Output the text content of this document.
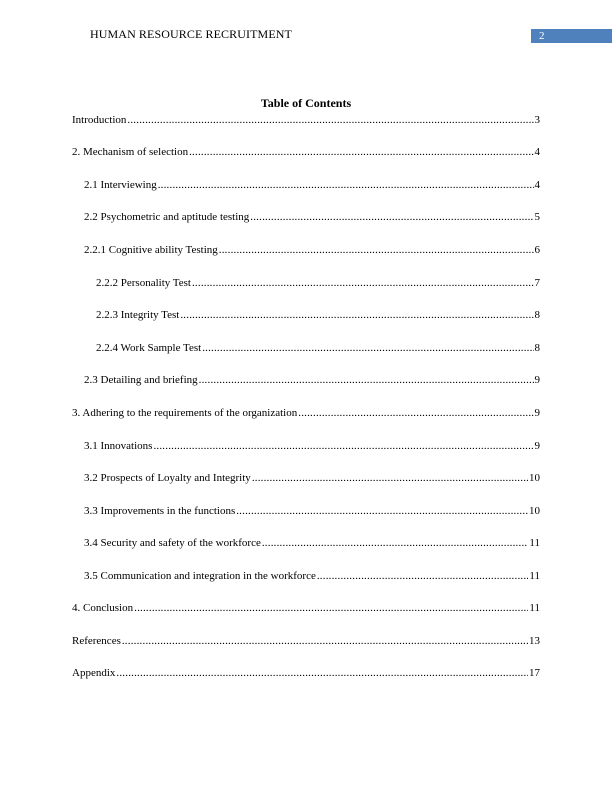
HUMAN RESOURCE RECRUITMENT	2
Table of Contents
Introduction .....	3
2. Mechanism of selection .....	4
2.1 Interviewing .....	4
2.2 Psychometric and aptitude testing .....	5
2.2.1 Cognitive ability Testing .....	6
2.2.2 Personality Test .....	7
2.2.3 Integrity Test .....	8
2.2.4 Work Sample Test .....	8
2.3 Detailing and briefing .....	9
3. Adhering to the requirements of the organization .....	9
3.1 Innovations .....	9
3.2 Prospects of Loyalty and Integrity .....	10
3.3 Improvements in the functions .....	10
3.4 Security and safety of the workforce .....	11
3.5 Communication and integration in the workforce .....	11
4. Conclusion .....	11
References .....	13
Appendix .....	17
